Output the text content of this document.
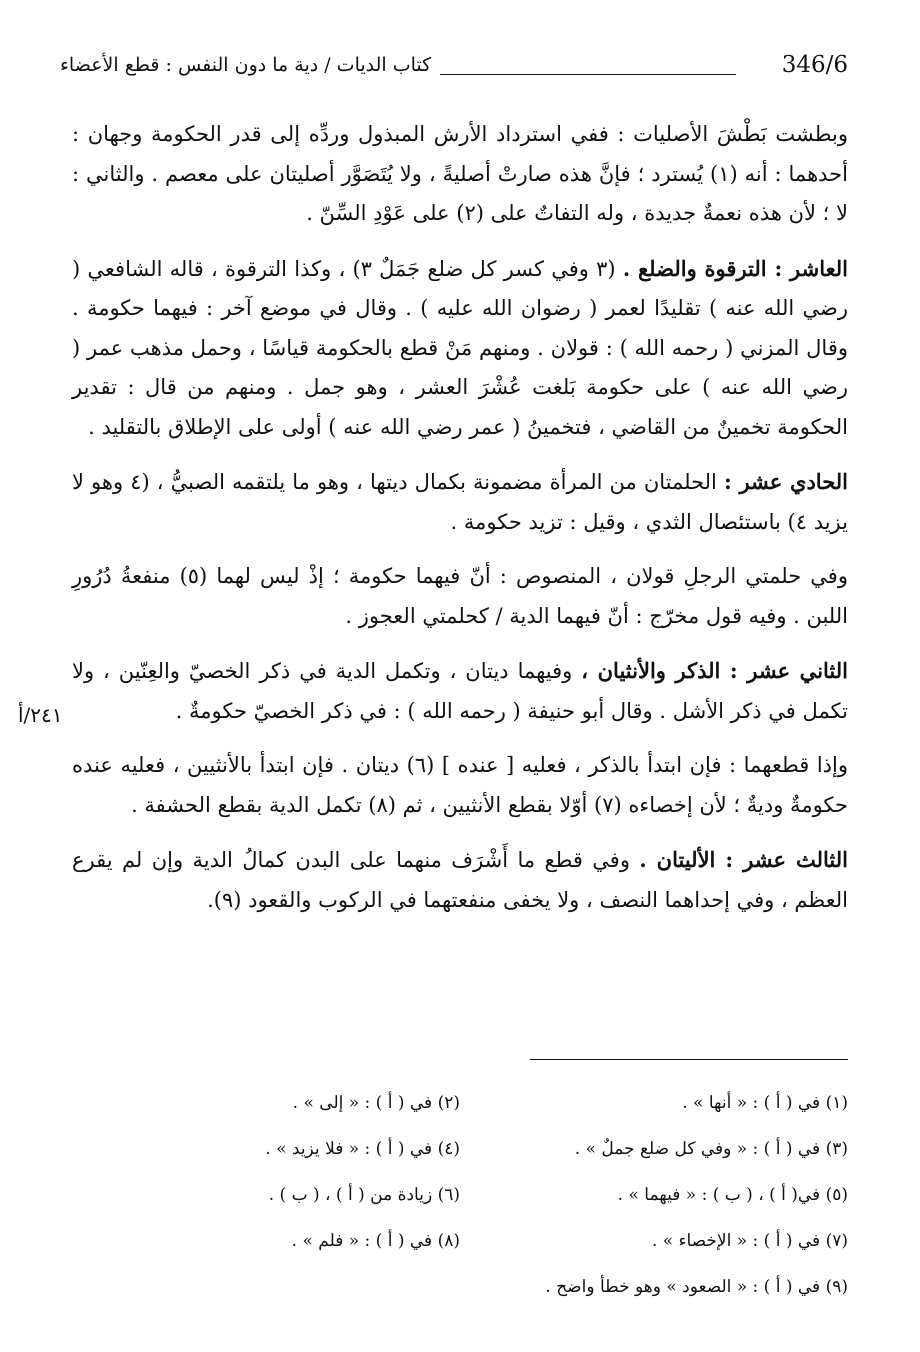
346/6
كتاب الديات / دية ما دون النفس : قطع الأعضاء

وبطشت بَطْشَ الأصليات : ففي استرداد الأرش المبذول وردِّه إلى قدر الحكومة وجهان : أحدهما : أنه (١) يُسترد ؛ فإنَّ هذه صارتْ أصليةً ، ولا يُتَصَوَّر أصليتان على معصم . والثاني : لا ؛ لأن هذه نعمةٌ جديدة ، وله التفاتٌ على (٢) على عَوْدِ السِّنّ .

العاشر : الترقوة والضلع . (٣ وفي كسر كل ضلع جَمَلٌ ٣) ، وكذا الترقوة ، قاله الشافعي ( رضي الله عنه ) تقليدًا لعمر ( رضوان الله عليه ) . وقال في موضع آخر : فيهما حكومة . وقال المزني ( رحمه الله ) : قولان . ومنهم مَنْ قطع بالحكومة قياسًا ، وحمل مذهب عمر ( رضي الله عنه ) على حكومة بَلغت عُشْرَ العشر ، وهو جمل . ومنهم من قال : تقدير الحكومة تخمينٌ من القاضي ، فتخمينُ ( عمر رضي الله عنه ) أولى على الإطلاق بالتقليد .

الحادي عشر : الحلمتان من المرأة مضمونة بكمال ديتها ، وهو ما يلتقمه الصبيُّ ، (٤ وهو لا يزيد ٤) باستئصال الثدي ، وقيل : تزيد حكومة .

وفي حلمتي الرجلِ قولان ، المنصوص : أنّ فيهما حكومة ؛ إذْ ليس لهما (٥) منفعةُ دُرُورِ اللبن . وفيه قول مخرّج : أنّ فيهما الدية / كحلمتي العجوز .

الثاني عشر : الذكر والأنثيان ، وفيهما ديتان ، وتكمل الدية في ذكر الخصيّ والعِنّين ، ولا تكمل في ذكر الأشل . وقال أبو حنيفة ( رحمه الله ) : في ذكر الخصيّ حكومةٌ .

وإذا قطعهما : فإن ابتدأ بالذكر ، فعليه [ عنده ] (٦) ديتان . فإن ابتدأ بالأنثيين ، فعليه عنده حكومةٌ وديةٌ ؛ لأن إخصاءه (٧) أوّلا بقطع الأنثيين ، ثم (٨) تكمل الدية بقطع الحشفة .

الثالث عشر : الأليتان . وفي قطع ما أَشْرَف منهما على البدن كمالُ الدية وإن لم يقرع العظم ، وفي إحداهما النصف ، ولا يخفى منفعتهما في الركوب والقعود (٩).

٢٤١/أ
(١) في ( أ ) : « أنها » .
(٢) في ( أ ) : « إلى » .
(٣) في ( أ ) : « وفي كل ضلع جملٌ » .
(٤) في ( أ ) : « فلا يزيد » .
(٥) في( أ ) ، ( ب ) : « فيهما » .
(٦) زيادة من ( أ ) ، ( ب ) .
(٧) في ( أ ) : « الإخصاء » .
(٨) في ( أ ) : « فلم » .
(٩) في ( أ ) : « الصعود » وهو خطأ واضح .
